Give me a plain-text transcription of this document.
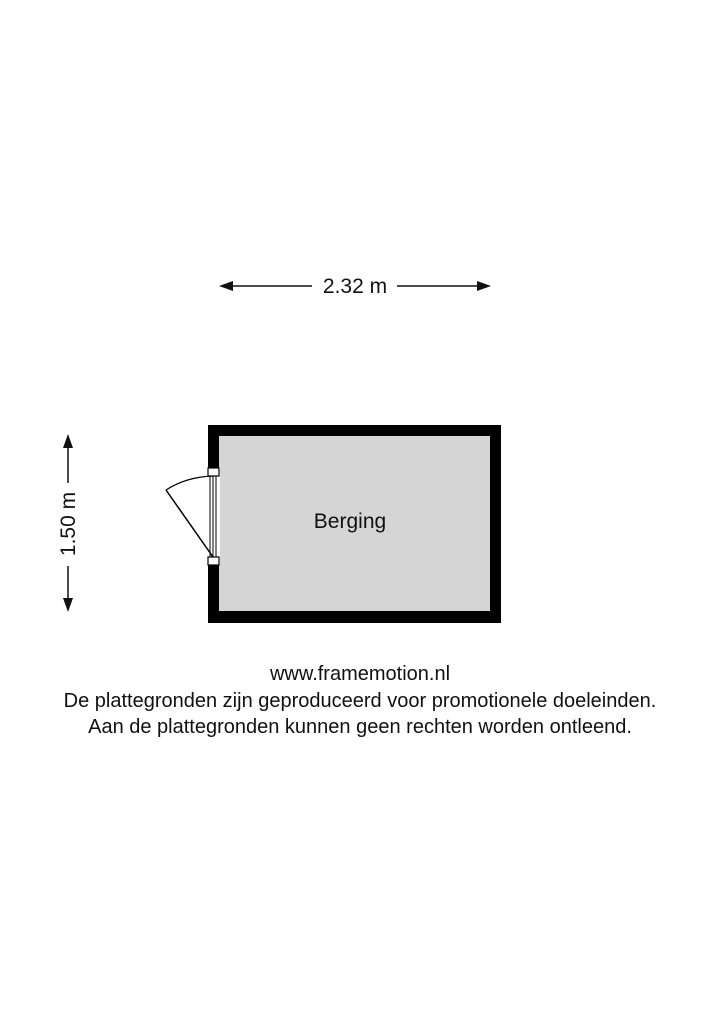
2.32 m
1.50 m	Berging
www.framemotion.nl
De plattegronden zijn geproduceerd voor promotionele doeleinden.
Aan de plattegronden kunnen geen rechten worden ontleend.
